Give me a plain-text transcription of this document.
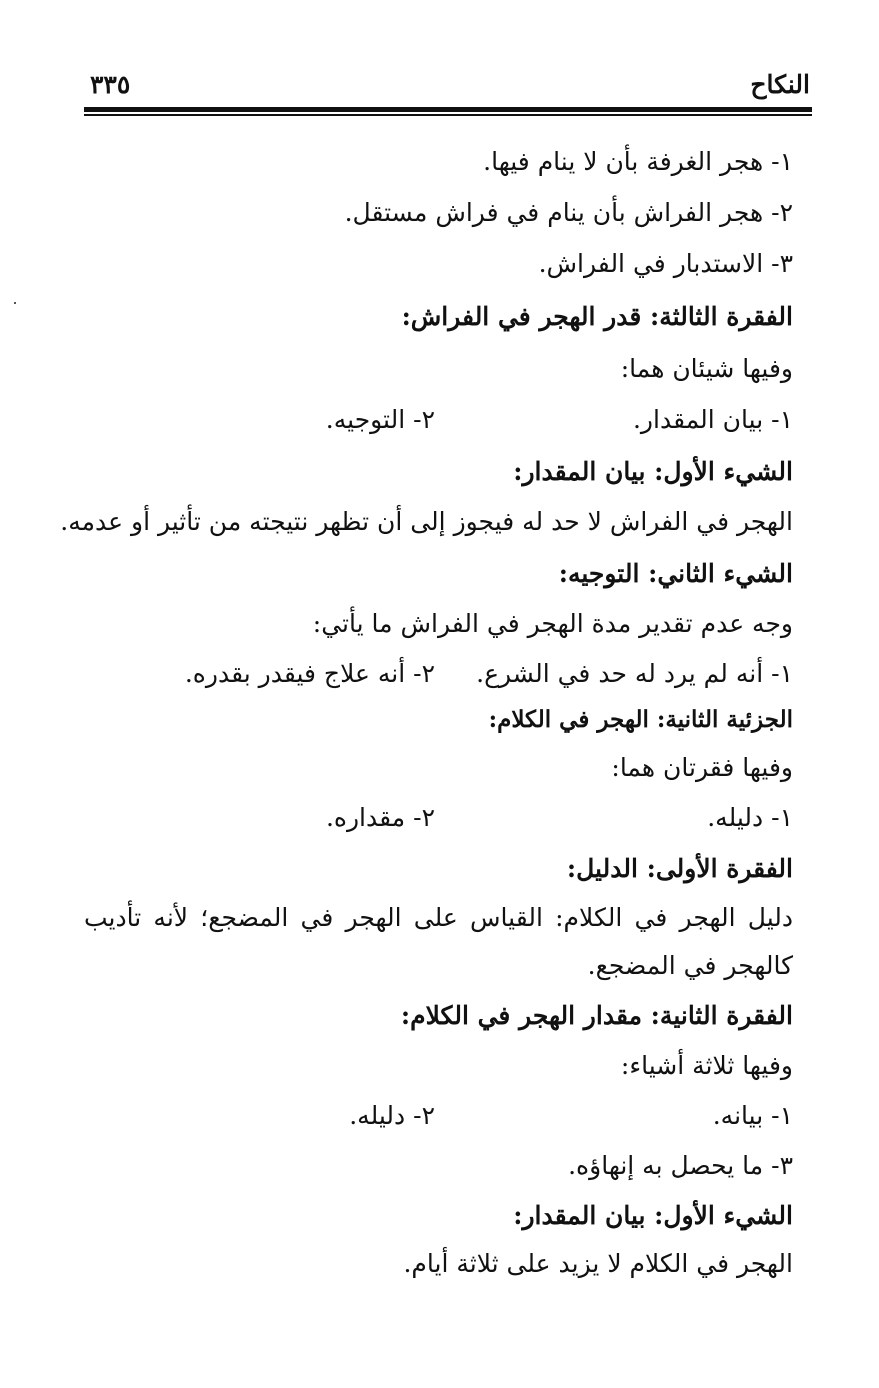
النكاح
٣٣٥
١- هجر الغرفة بأن لا ينام فيها.
٢- هجر الفراش بأن ينام في فراش مستقل.
٣- الاستدبار في الفراش.
الفقرة الثالثة: قدر الهجر في الفراش:
وفيها شيئان هما:
١- بيان المقدار.
٢- التوجيه.
الشيء الأول: بيان المقدار:
الهجر في الفراش لا حد له فيجوز إلى أن تظهر نتيجته من تأثير أو عدمه.
الشيء الثاني: التوجيه:
وجه عدم تقدير مدة الهجر في الفراش ما يأتي:
١- أنه لم يرد له حد في الشرع.
٢- أنه علاج فيقدر بقدره.
الجزئية الثانية: الهجر في الكلام:
وفيها فقرتان هما:
١- دليله.
٢- مقداره.
الفقرة الأولى: الدليل:
دليل الهجر في الكلام: القياس على الهجر في المضجع؛ لأنه تأديب
كالهجر في المضجع.
الفقرة الثانية: مقدار الهجر في الكلام:
وفيها ثلاثة أشياء:
١- بيانه.
٢- دليله.
٣- ما يحصل به إنهاؤه.
الشيء الأول: بيان المقدار:
الهجر في الكلام لا يزيد على ثلاثة أيام.
